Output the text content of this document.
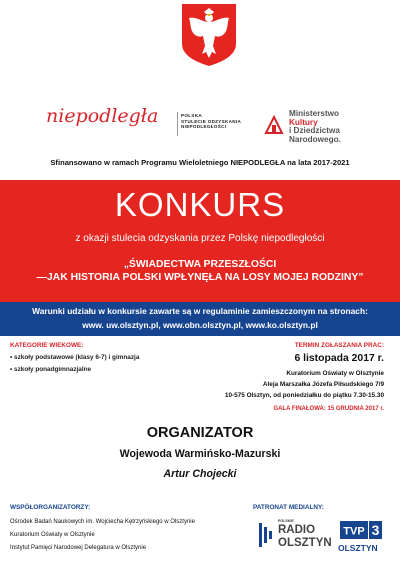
niepodległa	POLSKA
STULECIE ODZYSKANIA
NIEPODLEGŁOŚCI
Ministerstwo
Kultury
i Dziedzictwa
Narodowego.
Sfinansowano w ramach Programu Wieloletniego NIEPODLEGŁA na lata 2017-2021
KONKURS
z okazji stulecia odzyskania przez Polskę niepodległości
„ŚWIADECTWA PRZESZŁOŚCI
—JAK HISTORIA POLSKI WPŁYNĘŁA NA LOSY MOJEJ RODZINY”
Warunki udziału w konkursie zawarte są w regulaminie zamieszczonym na stronach:
www. uw.olsztyn.pl, www.obn.olsztyn.pl, www.ko.olsztyn.pl
KATEGORIE WIEKOWE:
• szkoły podstawowe (klasy 6-7) i gimnazja
• szkoły ponadgimnazjalne
TERMIN ZGŁASZANIA PRAC:
6 listopada 2017 r.
Kuratorium Oświaty w Olsztynie
Aleja Marszałka Józefa Piłsudskiego 7/9
10-575 Olsztyn, od poniedziałku do piątku 7.30-15.30
GALA FINAŁOWA: 15 GRUDNIA 2017 r.
ORGANIZATOR
Wojewoda Warmińsko-Mazurski
Artur Chojecki
WSPÓŁORGANIZATORZY:
Ośrodek Badań Naukowych im. Wojciecha Kętrzyńskiego w Olsztynie
Kuratorium Oświaty w Olsztynie
Instytut Pamięci Narodowej Delegatura w Olsztynie
PATRONAT MEDIALNY:
POLSKIE
RADIO
OLSZTYN
TVP 3
OLSZTYN
